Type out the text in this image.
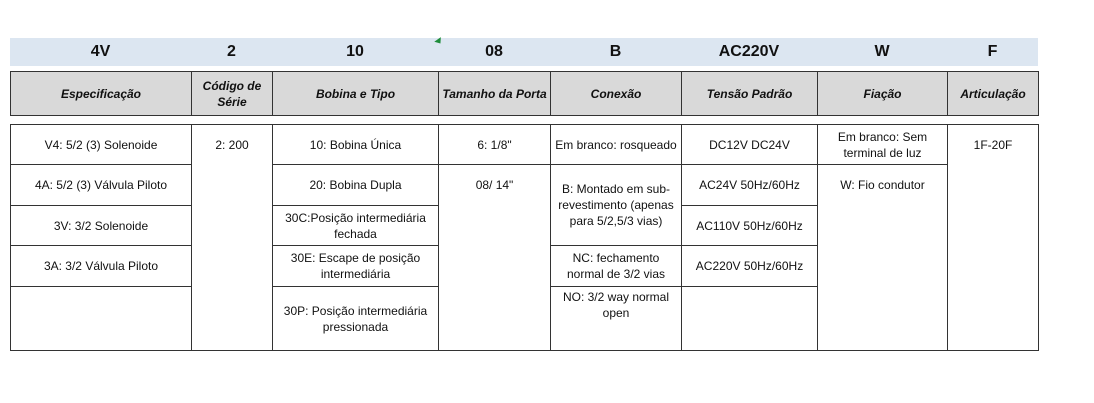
4V	2	10	08	B	AC220V	W	F
Especificação	Código de Série	Bobina e Tipo	Tamanho da Porta	Conexão	Tensão Padrão	Fiação	Articulação
V4: 5/2 (3) Solenoide	2: 200	10: Bobina Única	6: 1/8"	Em branco: rosqueado	DC12V DC24V	Em branco: Sem terminal de luz	1F-20F
4A: 5/2 (3) Válvula Piloto		20: Bobina Dupla	08/ 14"	B: Montado em sub-revestimento (apenas para 5/2,5/3 vias)	AC24V 50Hz/60Hz	W: Fio condutor	
3V: 3/2 Solenoide		30C:Posição intermediária fechada			AC110V 50Hz/60Hz		
3A: 3/2 Válvula Piloto		30E: Escape de posição intermediária		NC: fechamento normal de 3/2 vias	AC220V 50Hz/60Hz		
		30P: Posição intermediária pressionada		NO: 3/2 way normal open			
